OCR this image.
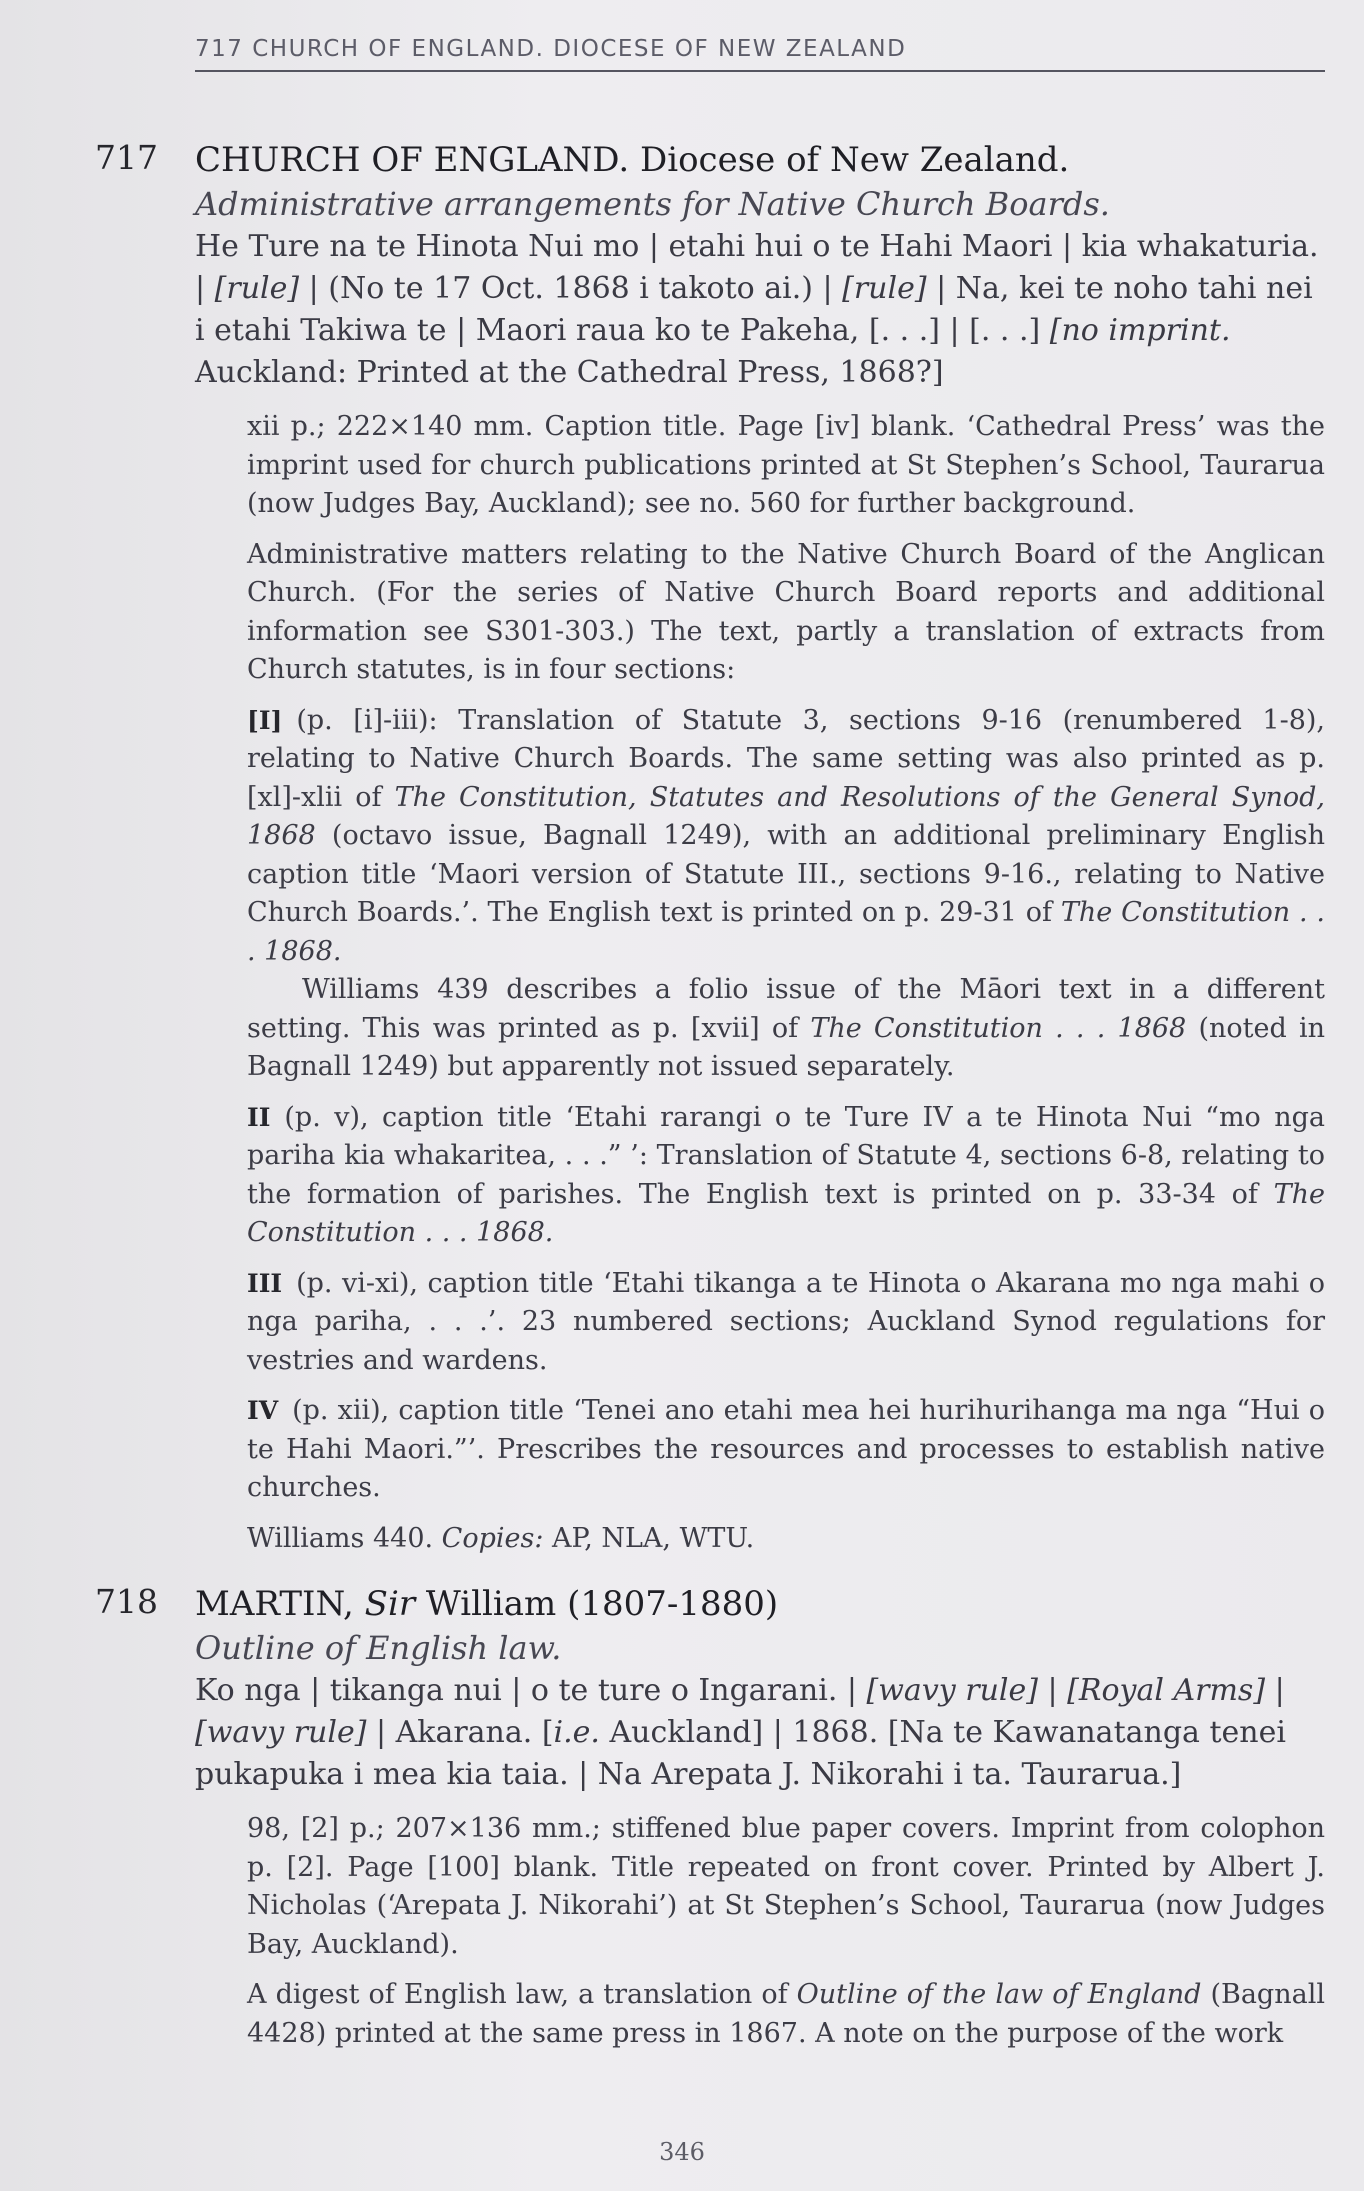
717 CHURCH OF ENGLAND. DIOCESE OF NEW ZEALAND
717 CHURCH OF ENGLAND. Diocese of New Zealand.
Administrative arrangements for Native Church Boards.
He Ture na te Hinota Nui mo | etahi hui o te Hahi Maori | kia whakaturia. | [rule] | (No te 17 Oct. 1868 i takoto ai.) | [rule] | Na, kei te noho tahi nei i etahi Takiwa te | Maori raua ko te Pakeha, [. . .] | [. . .] [no imprint. Auckland: Printed at the Cathedral Press, 1868?]

xii p.; 222×140 mm. Caption title. Page [iv] blank. ‘Cathedral Press’ was the imprint used for church publications printed at St Stephen’s School, Taurarua (now Judges Bay, Auckland); see no. 560 for further background.

Administrative matters relating to the Native Church Board of the Anglican Church. (For the series of Native Church Board reports and additional information see S301-303.) The text, partly a translation of extracts from Church statutes, is in four sections:

[I] (p. [i]-iii): Translation of Statute 3, sections 9-16 (renumbered 1-8), relating to Native Church Boards. The same setting was also printed as p. [xl]-xlii of The Constitution, Statutes and Resolutions of the General Synod, 1868 (octavo issue, Bagnall 1249), with an additional preliminary English caption title ‘Maori version of Statute III., sections 9-16., relating to Native Church Boards.’. The English text is printed on p. 29-31 of The Constitution . . . 1868.

Williams 439 describes a folio issue of the Māori text in a different setting. This was printed as p. [xvii] of The Constitution . . . 1868 (noted in Bagnall 1249) but apparently not issued separately.

II (p. v), caption title ‘Etahi rarangi o te Ture IV a te Hinota Nui “mo nga pariha kia whakaritea, . . .” ’: Translation of Statute 4, sections 6-8, relating to the formation of parishes. The English text is printed on p. 33-34 of The Constitution . . . 1868.

III (p. vi-xi), caption title ‘Etahi tikanga a te Hinota o Akarana mo nga mahi o nga pariha, . . .’. 23 numbered sections; Auckland Synod regulations for vestries and wardens.

IV (p. xii), caption title ‘Tenei ano etahi mea hei hurihurihanga ma nga “Hui o te Hahi Maori.”’. Prescribes the resources and processes to establish native churches.

Williams 440. Copies: AP, NLA, WTU.

718 MARTIN, Sir William (1807-1880)
Outline of English law.
Ko nga | tikanga nui | o te ture o Ingarani. | [wavy rule] | [Royal Arms] | [wavy rule] | Akarana. [i.e. Auckland] | 1868. [Na te Kawanatanga tenei pukapuka i mea kia taia. | Na Arepata J. Nikorahi i ta. Taurarua.]

98, [2] p.; 207×136 mm.; stiffened blue paper covers. Imprint from colophon p. [2]. Page [100] blank. Title repeated on front cover. Printed by Albert J. Nicholas (‘Arepata J. Nikorahi’) at St Stephen’s School, Taurarua (now Judges Bay, Auckland).

A digest of English law, a translation of Outline of the law of England (Bagnall 4428) printed at the same press in 1867. A note on the purpose of the work

346
